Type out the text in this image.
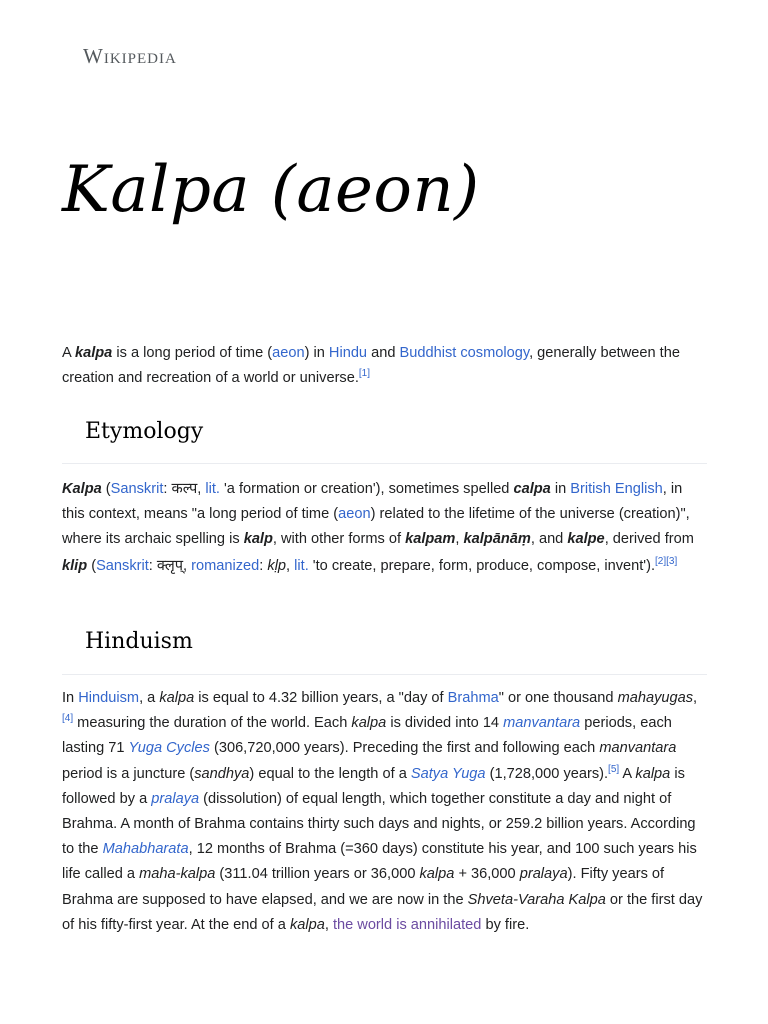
Wikipedia
Kalpa (aeon)

A kalpa is a long period of time (aeon) in Hindu and Buddhist cosmology, generally between the creation and recreation of a world or universe.[1]

Etymology

Kalpa (Sanskrit: कल्प, lit. 'a formation or creation'), sometimes spelled calpa in British English, in this context, means "a long period of time (aeon) related to the lifetime of the universe (creation)", where its archaic spelling is kalp, with other forms of kalpam, kalpānāṃ, and kalpe, derived from klip (Sanskrit: क्लृप्, romanized: kḷp, lit. 'to create, prepare, form, produce, compose, invent').[2][3]

Hinduism

In Hinduism, a kalpa is equal to 4.32 billion years, a "day of Brahma" or one thousand mahayugas,[4] measuring the duration of the world. Each kalpa is divided into 14 manvantara periods, each lasting 71 Yuga Cycles (306,720,000 years). Preceding the first and following each manvantara period is a juncture (sandhya) equal to the length of a Satya Yuga (1,728,000 years).[5] A kalpa is followed by a pralaya (dissolution) of equal length, which together constitute a day and night of Brahma. A month of Brahma contains thirty such days and nights, or 259.2 billion years. According to the Mahabharata, 12 months of Brahma (=360 days) constitute his year, and 100 such years his life called a maha-kalpa (311.04 trillion years or 36,000 kalpa + 36,000 pralaya). Fifty years of Brahma are supposed to have elapsed, and we are now in the Shveta-Varaha Kalpa or the first day of his fifty-first year. At the end of a kalpa, the world is annihilated by fire.
